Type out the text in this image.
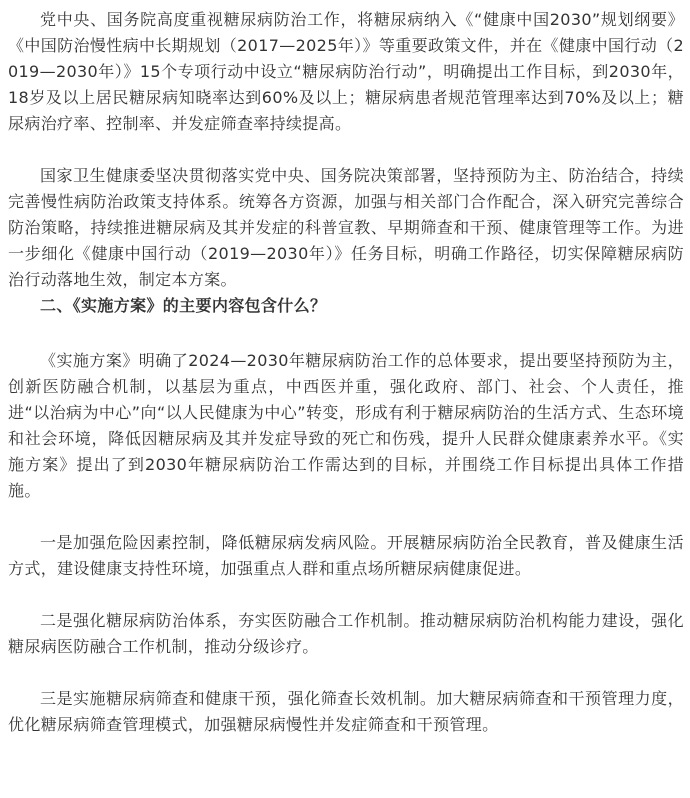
党中央、国务院高度重视糖尿病防治工作，将糖尿病纳入《“健康中国2030”规划纲要》《中国防治慢性病中长期规划（2017—2025年）》等重要政策文件，并在《健康中国行动（2019—2030年）》15个专项行动中设立“糖尿病防治行动”，明确提出工作目标，到2030年，18岁及以上居民糖尿病知晓率达到60%及以上；糖尿病患者规范管理率达到70%及以上；糖尿病治疗率、控制率、并发症筛查率持续提高。

国家卫生健康委坚决贯彻落实党中央、国务院决策部署，坚持预防为主、防治结合，持续完善慢性病防治政策支持体系。统筹各方资源，加强与相关部门合作配合，深入研究完善综合防治策略，持续推进糖尿病及其并发症的科普宣教、早期筛查和干预、健康管理等工作。为进一步细化《健康中国行动（2019—2030年）》任务目标，明确工作路径，切实保障糖尿病防治行动落地生效，制定本方案。

二、《实施方案》的主要内容包含什么？

《实施方案》明确了2024—2030年糖尿病防治工作的总体要求，提出要坚持预防为主，创新医防融合机制，以基层为重点，中西医并重，强化政府、部门、社会、个人责任，推进“以治病为中心”向“以人民健康为中心”转变，形成有利于糖尿病防治的生活方式、生态环境和社会环境，降低因糖尿病及其并发症导致的死亡和伤残，提升人民群众健康素养水平。《实施方案》提出了到2030年糖尿病防治工作需达到的目标，并围绕工作目标提出具体工作措施。

一是加强危险因素控制，降低糖尿病发病风险。开展糖尿病防治全民教育，普及健康生活方式，建设健康支持性环境，加强重点人群和重点场所糖尿病健康促进。

二是强化糖尿病防治体系，夯实医防融合工作机制。推动糖尿病防治机构能力建设，强化糖尿病医防融合工作机制，推动分级诊疗。

三是实施糖尿病筛查和健康干预，强化筛查长效机制。加大糖尿病筛查和干预管理力度，优化糖尿病筛查管理模式，加强糖尿病慢性并发症筛查和干预管理。
